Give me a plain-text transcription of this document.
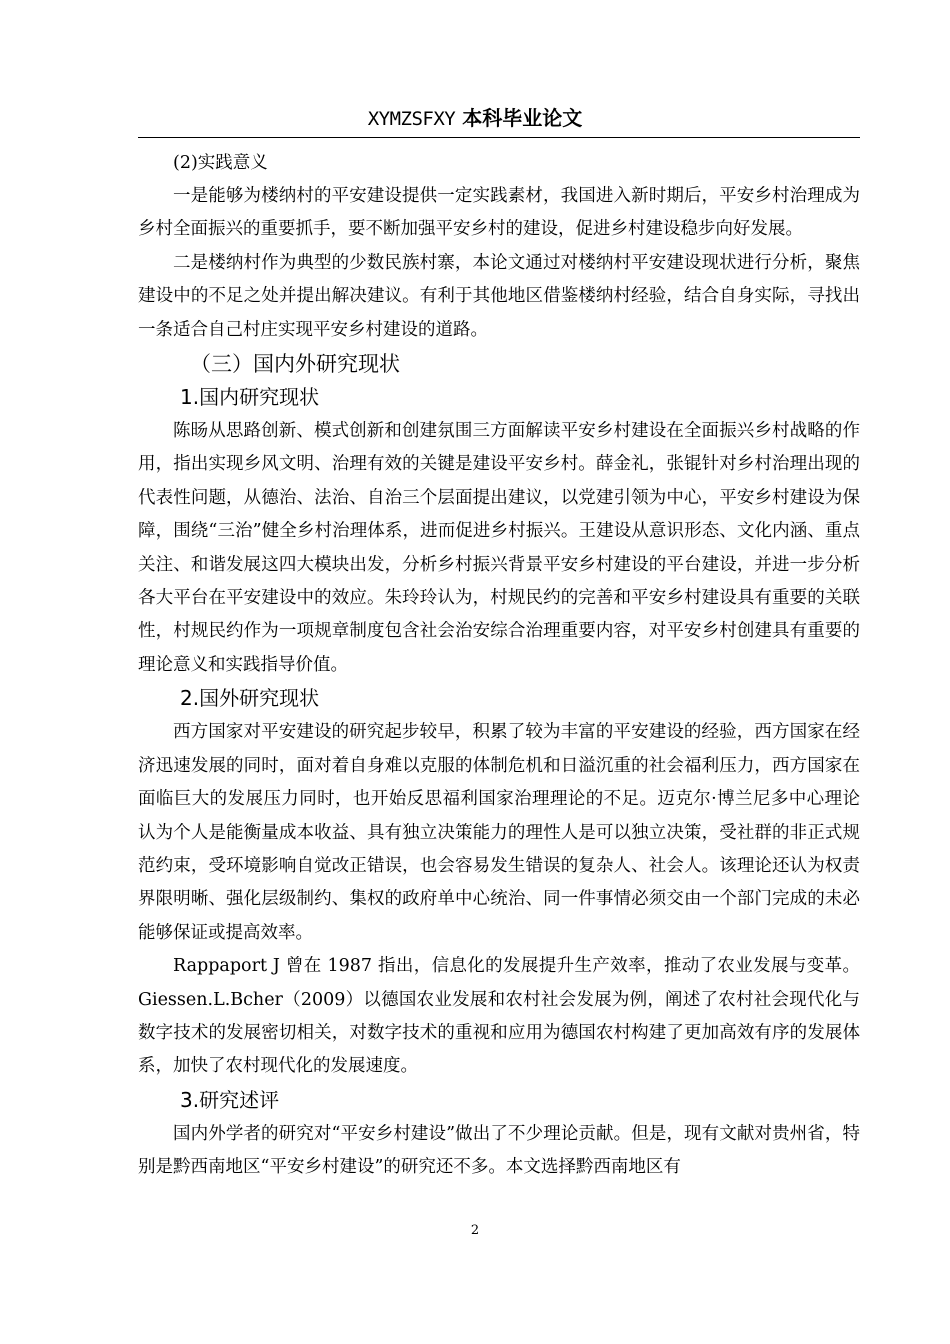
XYMZSFXY 本科毕业论文

(2)实践意义

一是能够为楼纳村的平安建设提供一定实践素材，我国进入新时期后，平安乡村治理成为乡村全面振兴的重要抓手，要不断加强平安乡村的建设，促进乡村建设稳步向好发展。

二是楼纳村作为典型的少数民族村寨，本论文通过对楼纳村平安建设现状进行分析，聚焦建设中的不足之处并提出解决建议。有利于其他地区借鉴楼纳村经验，结合自身实际，寻找出一条适合自己村庄实现平安乡村建设的道路。

（三）国内外研究现状

1.国内研究现状

陈旸从思路创新、模式创新和创建氛围三方面解读平安乡村建设在全面振兴乡村战略的作用，指出实现乡风文明、治理有效的关键是建设平安乡村。薛金礼，张锟针对乡村治理出现的代表性问题，从德治、法治、自治三个层面提出建议，以党建引领为中心，平安乡村建设为保障，围绕“三治”健全乡村治理体系，进而促进乡村振兴。王建设从意识形态、文化内涵、重点关注、和谐发展这四大模块出发，分析乡村振兴背景平安乡村建设的平台建设，并进一步分析各大平台在平安建设中的效应。朱玲玲认为，村规民约的完善和平安乡村建设具有重要的关联性，村规民约作为一项规章制度包含社会治安综合治理重要内容，对平安乡村创建具有重要的理论意义和实践指导价值。

2.国外研究现状

西方国家对平安建设的研究起步较早，积累了较为丰富的平安建设的经验，西方国家在经济迅速发展的同时，面对着自身难以克服的体制危机和日溢沉重的社会福利压力，西方国家在面临巨大的发展压力同时，也开始反思福利国家治理理论的不足。迈克尔·博兰尼多中心理论认为个人是能衡量成本收益、具有独立决策能力的理性人是可以独立决策，受社群的非正式规范约束，受环境影响自觉改正错误，也会容易发生错误的复杂人、社会人。该理论还认为权责界限明晰、强化层级制约、集权的政府单中心统治、同一件事情必须交由一个部门完成的未必能够保证或提高效率。

Rappaport J 曾在 1987 指出，信息化的发展提升生产效率，推动了农业发展与变革。Giessen.L.Bcher（2009）以德国农业发展和农村社会发展为例，阐述了农村社会现代化与数字技术的发展密切相关，对数字技术的重视和应用为德国农村构建了更加高效有序的发展体系，加快了农村现代化的发展速度。

3.研究述评

国内外学者的研究对“平安乡村建设”做出了不少理论贡献。但是，现有文献对贵州省，特别是黔西南地区“平安乡村建设”的研究还不多。本文选择黔西南地区有

2
